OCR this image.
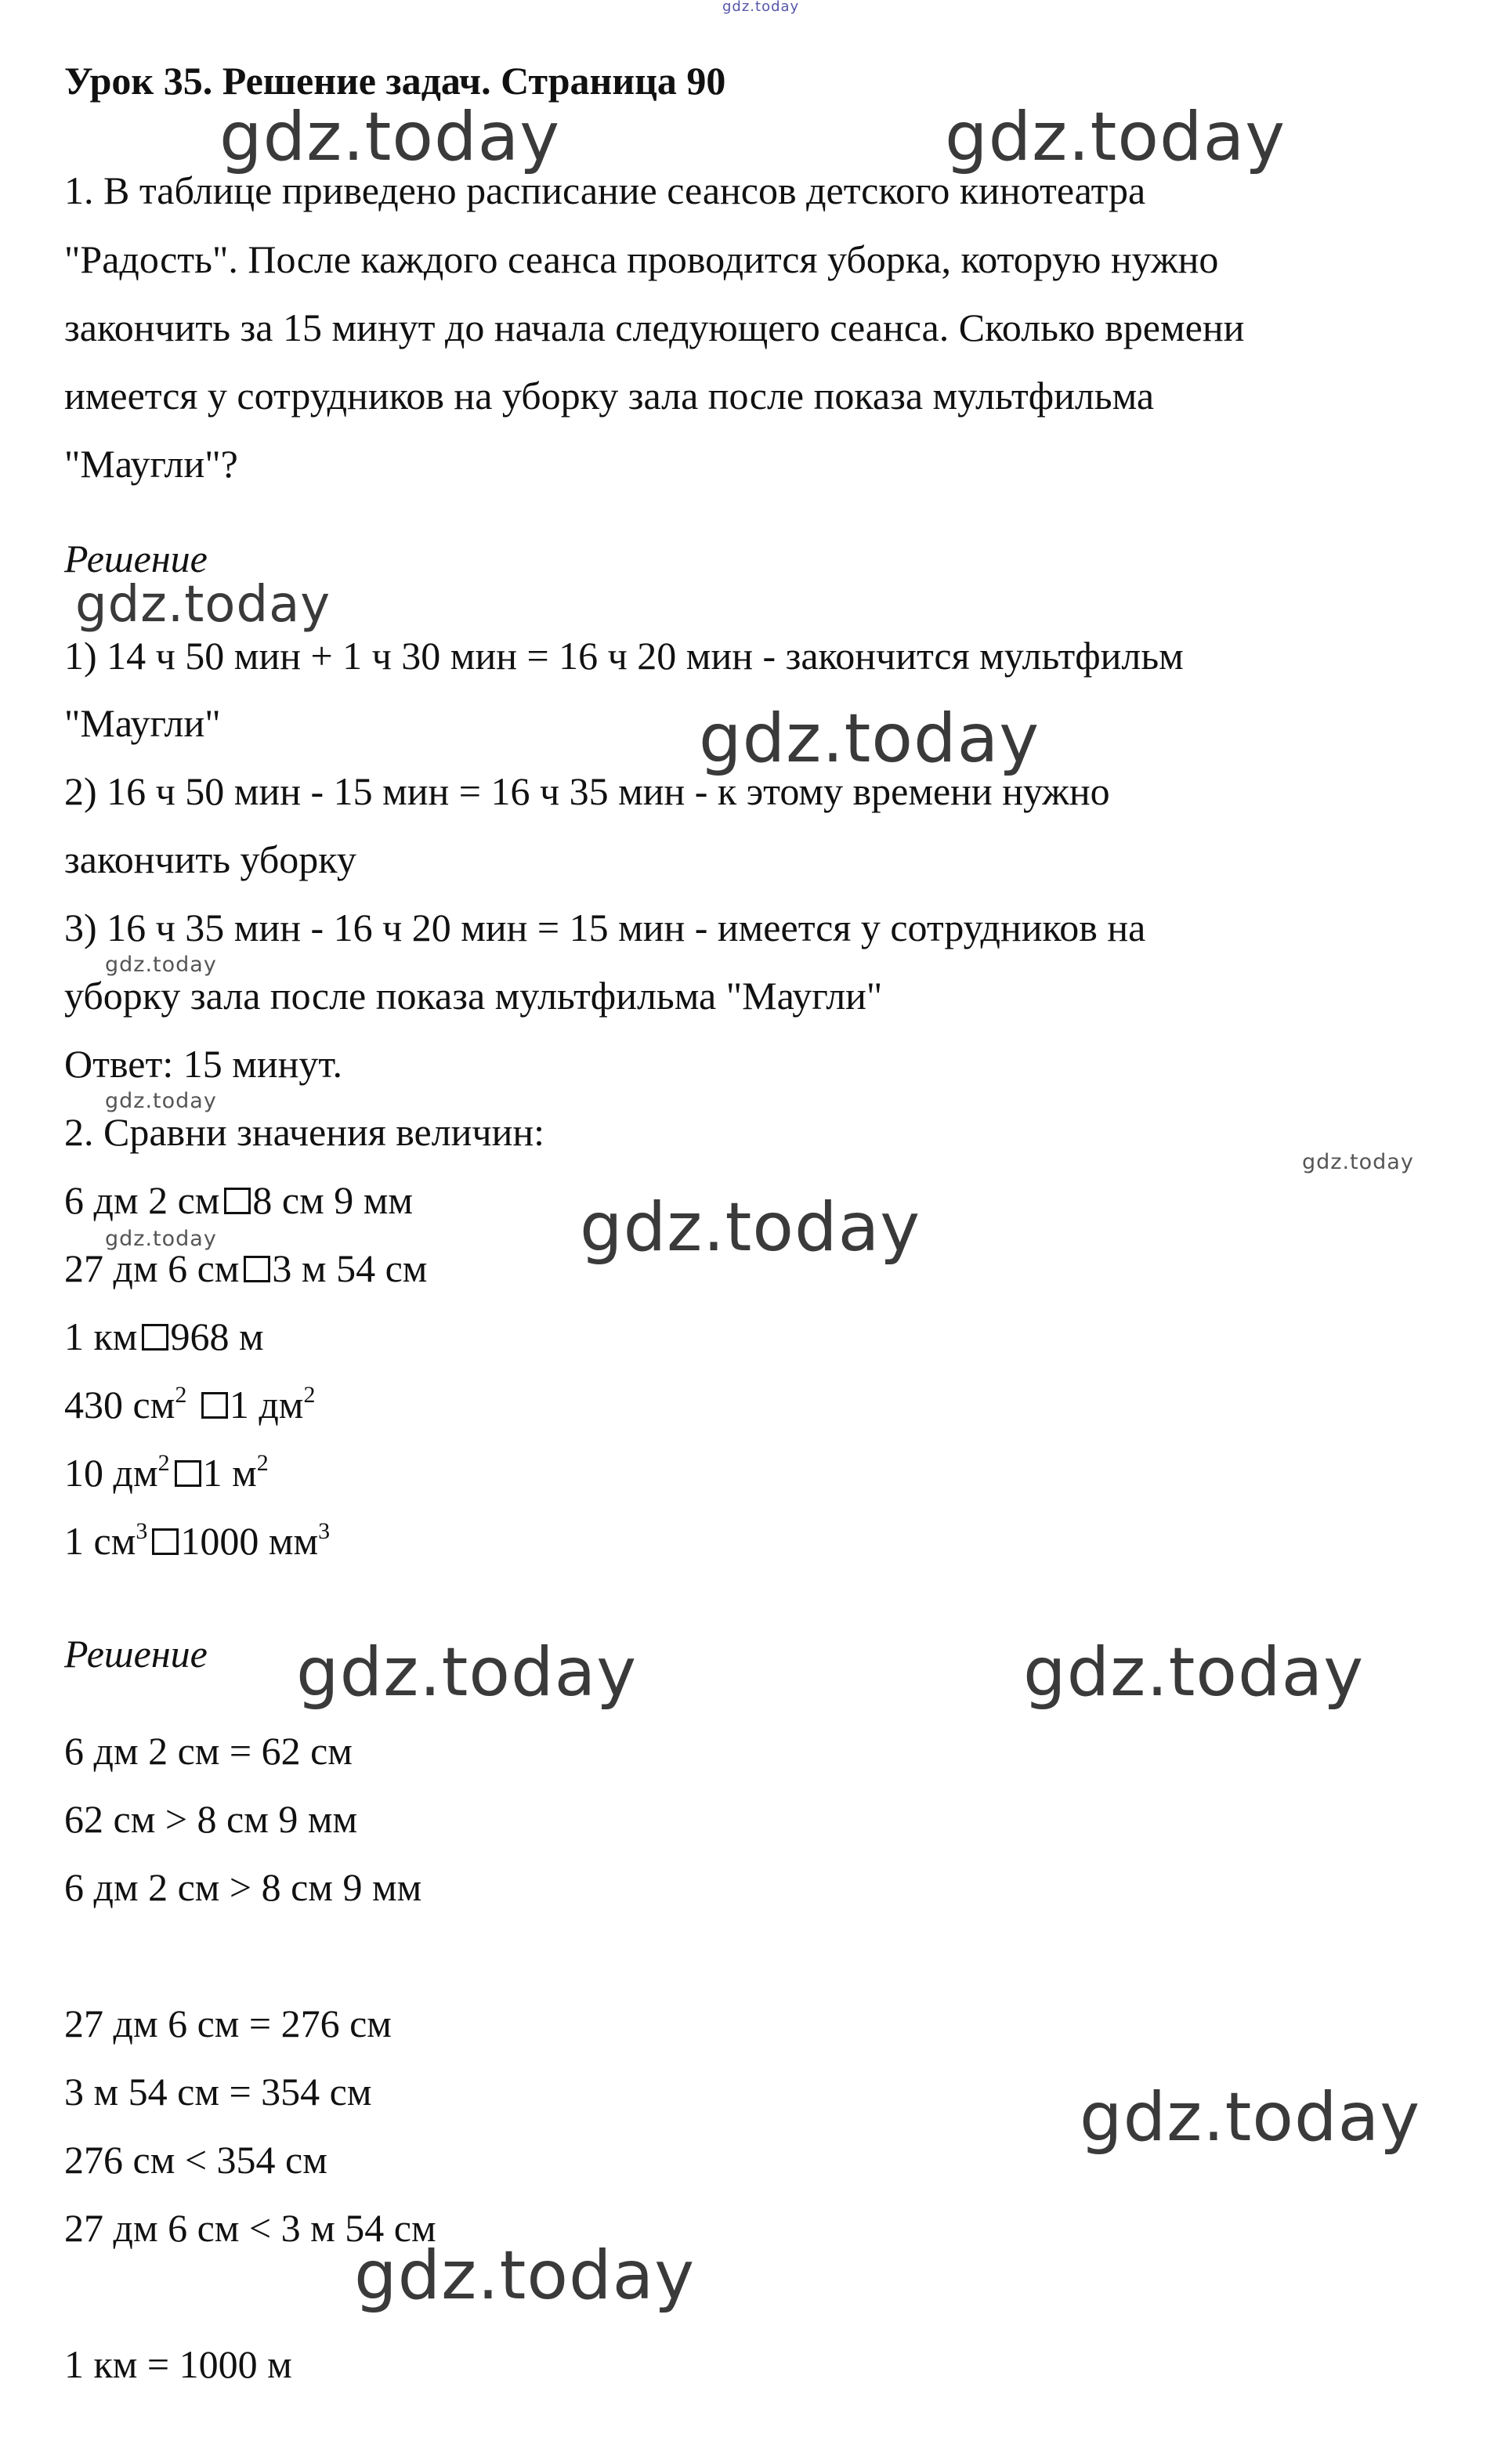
gdz.today
gdz.today	gdz.today
gdz.today
gdz.today
gdz.today
gdz.today
gdz.today
gdz.today
gdz.today
gdz.today	gdz.today
gdz.today
gdz.today
Урок 35. Решение задач. Страница 90
1. В таблице приведено расписание сеансов детского кинотеатра
"Радость". После каждого сеанса проводится уборка, которую нужно
закончить за 15 минут до начала следующего сеанса. Сколько времени
имеется у сотрудников на уборку зала после показа мультфильма
"Маугли"?
Решение
1) 14 ч 50 мин + 1 ч 30 мин = 16 ч 20 мин - закончится мультфильм
"Маугли"
2) 16 ч 50 мин - 15 мин = 16 ч 35 мин - к этому времени нужно
закончить уборку
3) 16 ч 35 мин - 16 ч 20 мин = 15 мин - имеется у сотрудников на
уборку зала после показа мультфильма "Маугли"
Ответ: 15 минут.
2. Сравни значения величин:
6 дм 2 см 8 см 9 мм
27 дм 6 см 3 м 54 см
1 км 968 м
430 $см^2$ 1 $дм^2$
10 $дм^2$ 1 $м^2$
1 $см^3$ 1000 $мм^3$
Решение
6 дм 2 см = 62 см
62 см > 8 см 9 мм
6 дм 2 см > 8 см 9 мм
27 дм 6 см = 276 см
3 м 54 см = 354 см
276 см < 354 см
27 дм 6 см < 3 м 54 см
1 км = 1000 м
